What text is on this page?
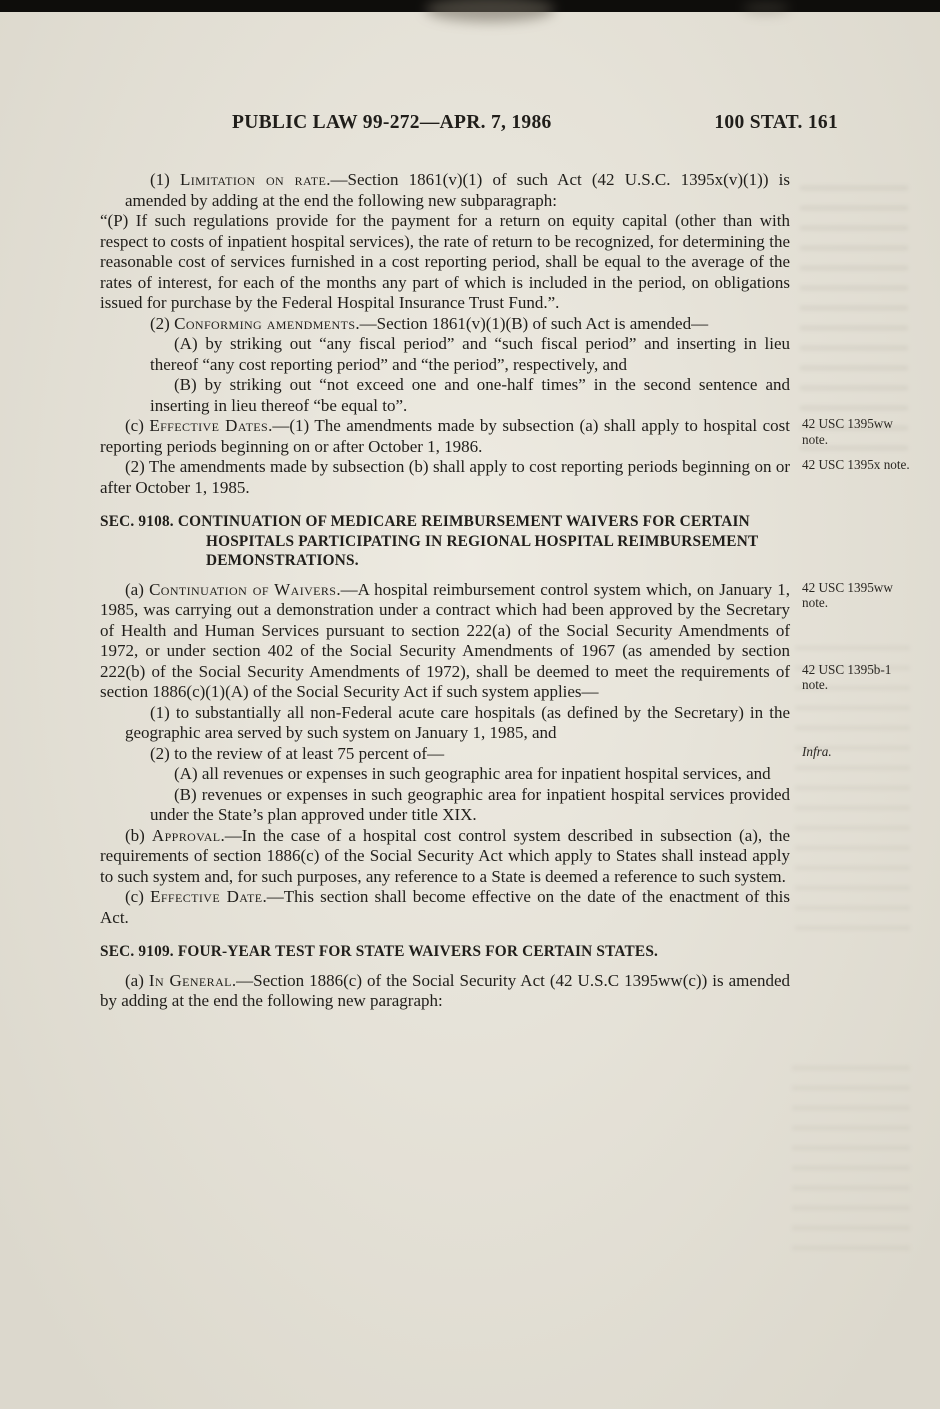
PUBLIC LAW 99-272—APR. 7, 1986	100 STAT. 161
(1) Limitation on rate.—Section 1861(v)(1) of such Act (42 U.S.C. 1395x(v)(1)) is amended by adding at the end the following new subparagraph:
“(P) If such regulations provide for the payment for a return on equity capital (other than with respect to costs of inpatient hospital services), the rate of return to be recognized, for determining the reasonable cost of services furnished in a cost reporting period, shall be equal to the average of the rates of interest, for each of the months any part of which is included in the period, on obligations issued for purchase by the Federal Hospital Insurance Trust Fund.”.
(2) Conforming amendments.—Section 1861(v)(1)(B) of such Act is amended—
(A) by striking out “any fiscal period” and “such fiscal period” and inserting in lieu thereof “any cost reporting period” and “the period”, respectively, and
(B) by striking out “not exceed one and one-half times” in the second sentence and inserting in lieu thereof “be equal to”.
(c) Effective Dates.—(1) The amendments made by subsection (a) shall apply to hospital cost reporting periods beginning on or after October 1, 1986.
42 USC 1395ww note.
(2) The amendments made by subsection (b) shall apply to cost reporting periods beginning on or after October 1, 1985.
42 USC 1395x note.
SEC. 9108. CONTINUATION OF MEDICARE REIMBURSEMENT WAIVERS FOR CERTAIN HOSPITALS PARTICIPATING IN REGIONAL HOSPITAL REIMBURSEMENT DEMONSTRATIONS.
(a) Continuation of Waivers.—A hospital reimbursement control system which, on January 1, 1985, was carrying out a demonstration under a contract which had been approved by the Secretary of Health and Human Services pursuant to section 222(a) of the Social Security Amendments of 1972, or under section 402 of the Social Security Amendments of 1967 (as amended by section 222(b) of the Social Security Amendments of 1972), shall be deemed to meet the requirements of section 1886(c)(1)(A) of the Social Security Act if such system applies—
42 USC 1395ww note.
42 USC 1395b-1 note.
Infra.
(1) to substantially all non-Federal acute care hospitals (as defined by the Secretary) in the geographic area served by such system on January 1, 1985, and
(2) to the review of at least 75 percent of—
(A) all revenues or expenses in such geographic area for inpatient hospital services, and
(B) revenues or expenses in such geographic area for inpatient hospital services provided under the State’s plan approved under title XIX.
(b) Approval.—In the case of a hospital cost control system described in subsection (a), the requirements of section 1886(c) of the Social Security Act which apply to States shall instead apply to such system and, for such purposes, any reference to a State is deemed a reference to such system.
(c) Effective Date.—This section shall become effective on the date of the enactment of this Act.
SEC. 9109. FOUR-YEAR TEST FOR STATE WAIVERS FOR CERTAIN STATES.
(a) In General.—Section 1886(c) of the Social Security Act (42 U.S.C 1395ww(c)) is amended by adding at the end the following new paragraph:
